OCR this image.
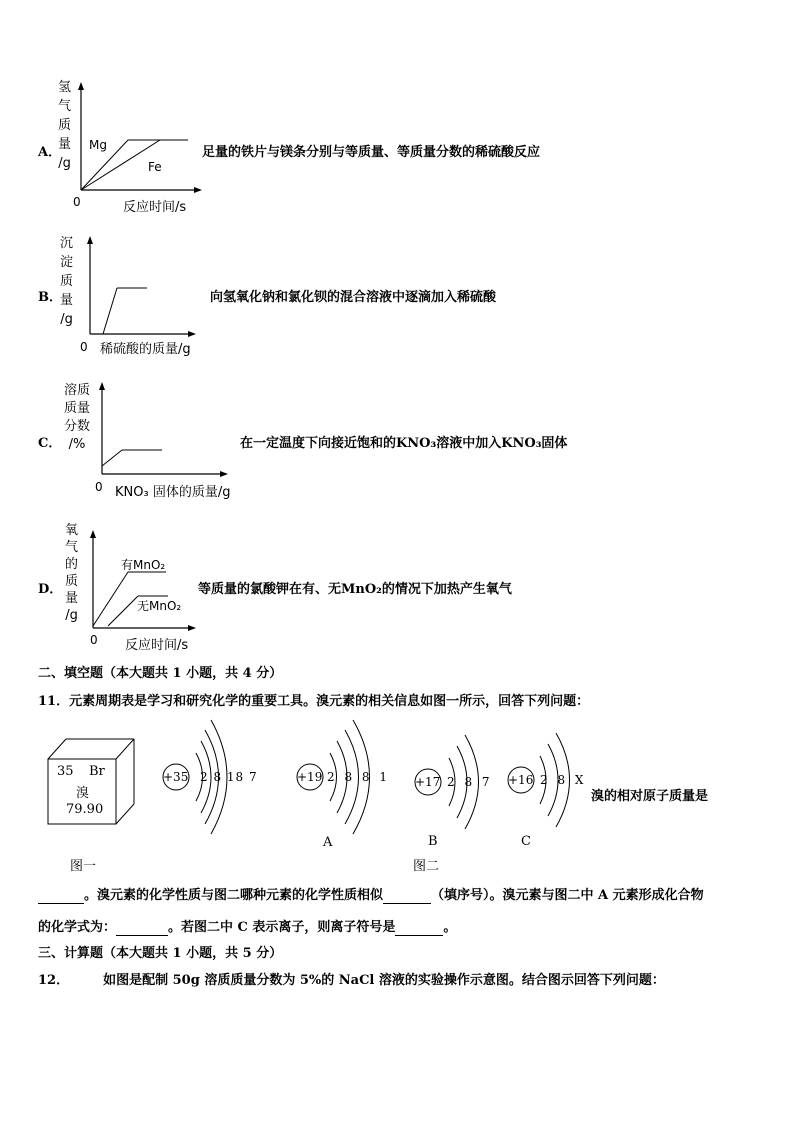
A．
氢
气
质
量
/g
Mg
Fe
0	反应时间/s
足量的铁片与镁条分别与等质量、等质量分数的稀硫酸反应
B．
沉
淀
质
量
/g
0 稀硫酸的质量/g
向氢氧化钠和氯化钡的混合溶液中逐滴加入稀硫酸
C．
溶质
质量
分数
/%
0 KNO₃ 固体的质量/g
在一定温度下向接近饱和的KNO₃溶液中加入KNO₃固体
D．
氧
气
的
质
量
/g
有MnO₂
无MnO₂
0 反应时间/s
等质量的氯酸钾在有、无MnO₂的情况下加热产生氧气
二、填空题（本大题共 1 小题，共 4 分）
11．元素周期表是学习和研究化学的重要工具。溴元素的相关信息如图一所示，回答下列问题：
35 Br
溴
79.90
图一
+35 2 8 18 7	+19 2 8 8 1
A
+17 2 8 7
B
图二
+16 2 8 X
C
溴的相对原子质量是
。溴元素的化学性质与图二哪种元素的化学性质相似	（填序号）。溴元素与图二中 A 元素形成化合物
的化学式为：	。若图二中 C 表示离子，则离子符号是	。
三、计算题（本大题共 1 小题，共 5 分）
12．	如图是配制 50g 溶质质量分数为 5%的 NaCl 溶液的实验操作示意图。结合图示回答下列问题：
